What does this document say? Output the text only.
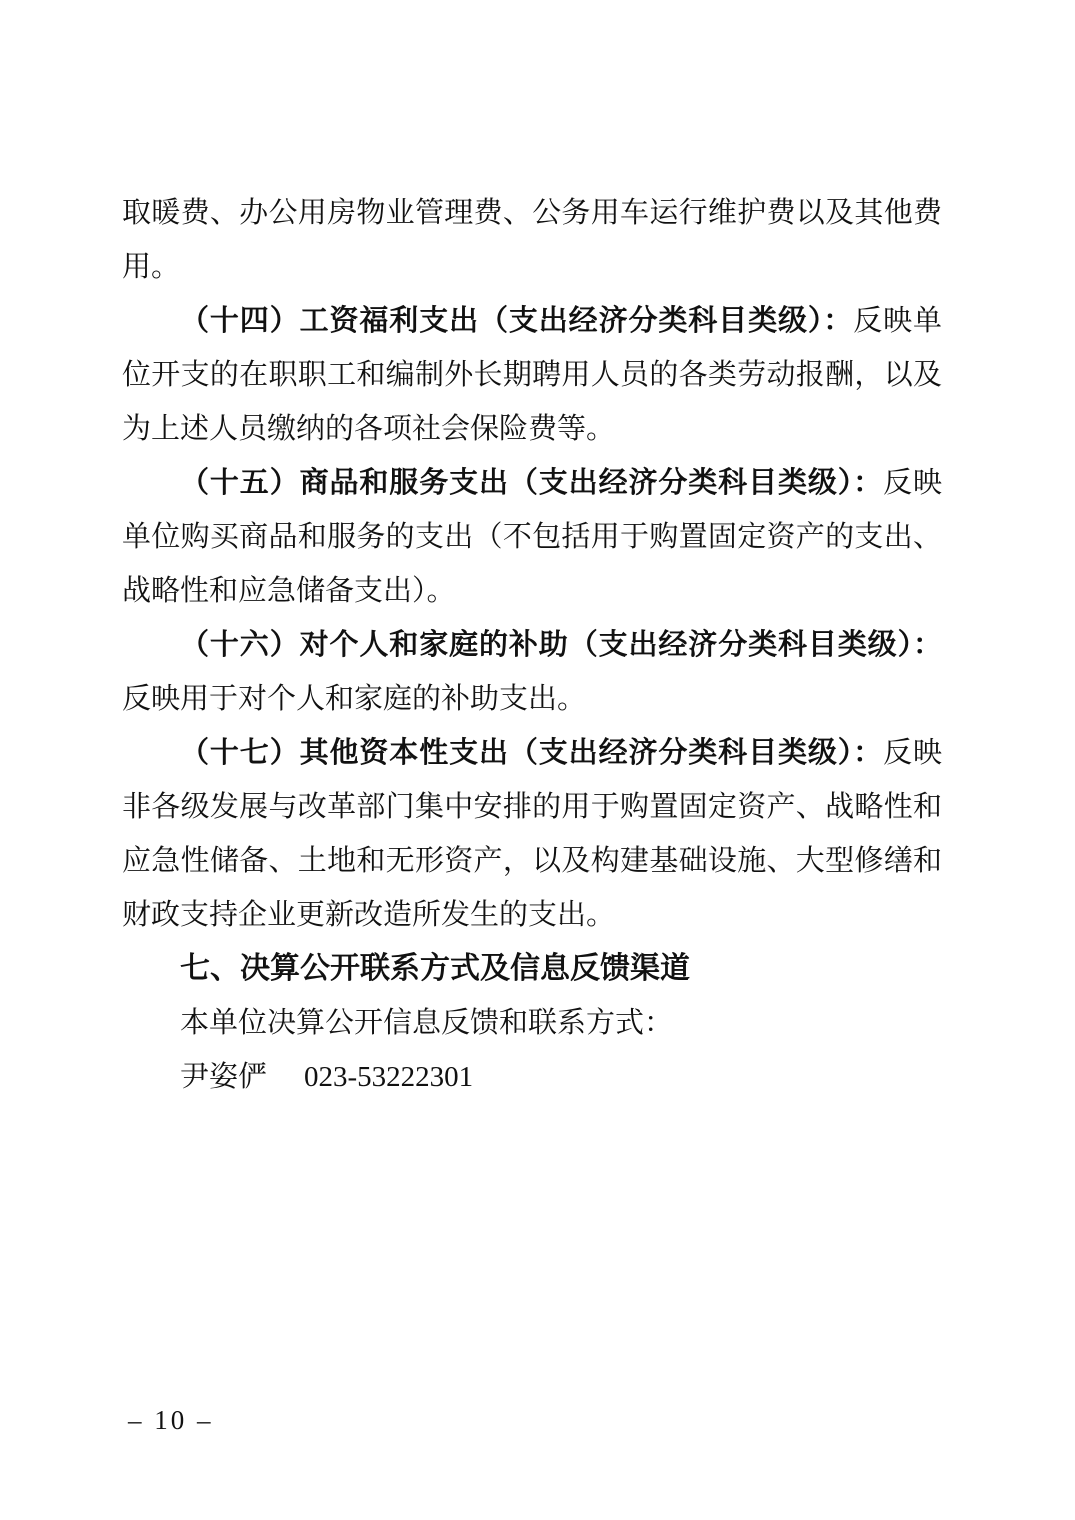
取暖费、办公用房物业管理费、公务用车运行维护费以及其他费用。

（十四）工资福利支出（支出经济分类科目类级）：反映单位开支的在职职工和编制外长期聘用人员的各类劳动报酬，以及为上述人员缴纳的各项社会保险费等。

（十五）商品和服务支出（支出经济分类科目类级）：反映单位购买商品和服务的支出（不包括用于购置固定资产的支出、战略性和应急储备支出）。

（十六）对个人和家庭的补助（支出经济分类科目类级）：反映用于对个人和家庭的补助支出。

（十七）其他资本性支出（支出经济分类科目类级）：反映非各级发展与改革部门集中安排的用于购置固定资产、战略性和应急性储备、土地和无形资产，以及构建基础设施、大型修缮和财政支持企业更新改造所发生的支出。

七、决算公开联系方式及信息反馈渠道

本单位决算公开信息反馈和联系方式：

尹姿俨 023-53222301

– 10 –
